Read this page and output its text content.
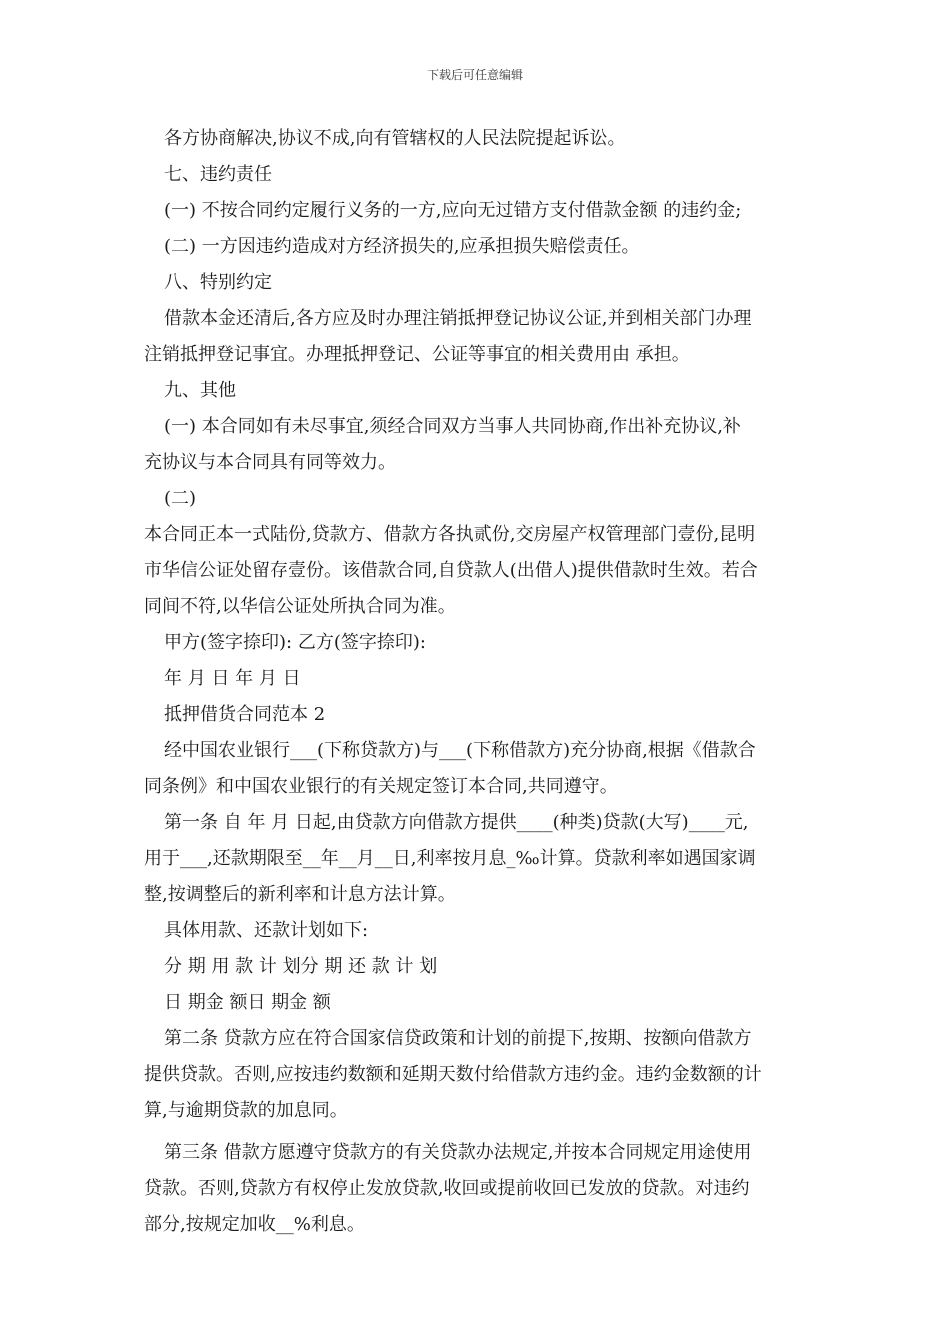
下载后可任意编辑
各方协商解决,协议不成,向有管辖权的人民法院提起诉讼。
七、违约责任
(一) 不按合同约定履行义务的一方,应向无过错方支付借款金额 的违约金;
(二) 一方因违约造成对方经济损失的,应承担损失赔偿责任。
八、特别约定
借款本金还清后,各方应及时办理注销抵押登记协议公证,并到相关部门办理
注销抵押登记事宜。办理抵押登记、公证等事宜的相关费用由 承担。
九、其他
(一) 本合同如有未尽事宜,须经合同双方当事人共同协商,作出补充协议,补
充协议与本合同具有同等效力。
(二)
本合同正本一式陆份,贷款方、借款方各执贰份,交房屋产权管理部门壹份,昆明
市华信公证处留存壹份。该借款合同,自贷款人(出借人)提供借款时生效。若合
同间不符,以华信公证处所执合同为准。
甲方(签字捺印): 乙方(签字捺印):
年 月 日 年 月 日
抵押借货合同范本 2
经中国农业银行___(下称贷款方)与___(下称借款方)充分协商,根据《借款合
同条例》和中国农业银行的有关规定签订本合同,共同遵守。
第一条 自 年 月 日起,由贷款方向借款方提供____(种类)贷款(大写)____元,
用于___,还款期限至__年__月__日,利率按月息_‰计算。贷款利率如遇国家调
整,按调整后的新利率和计息方法计算。
具体用款、还款计划如下:
分 期 用 款 计 划分 期 还 款 计 划
日 期金 额日 期金 额
第二条 贷款方应在符合国家信贷政策和计划的前提下,按期、按额向借款方
提供贷款。否则,应按违约数额和延期天数付给借款方违约金。违约金数额的计
算,与逾期贷款的加息同。
第三条 借款方愿遵守贷款方的有关贷款办法规定,并按本合同规定用途使用
贷款。否则,贷款方有权停止发放贷款,收回或提前收回已发放的贷款。对违约
部分,按规定加收__%利息。
